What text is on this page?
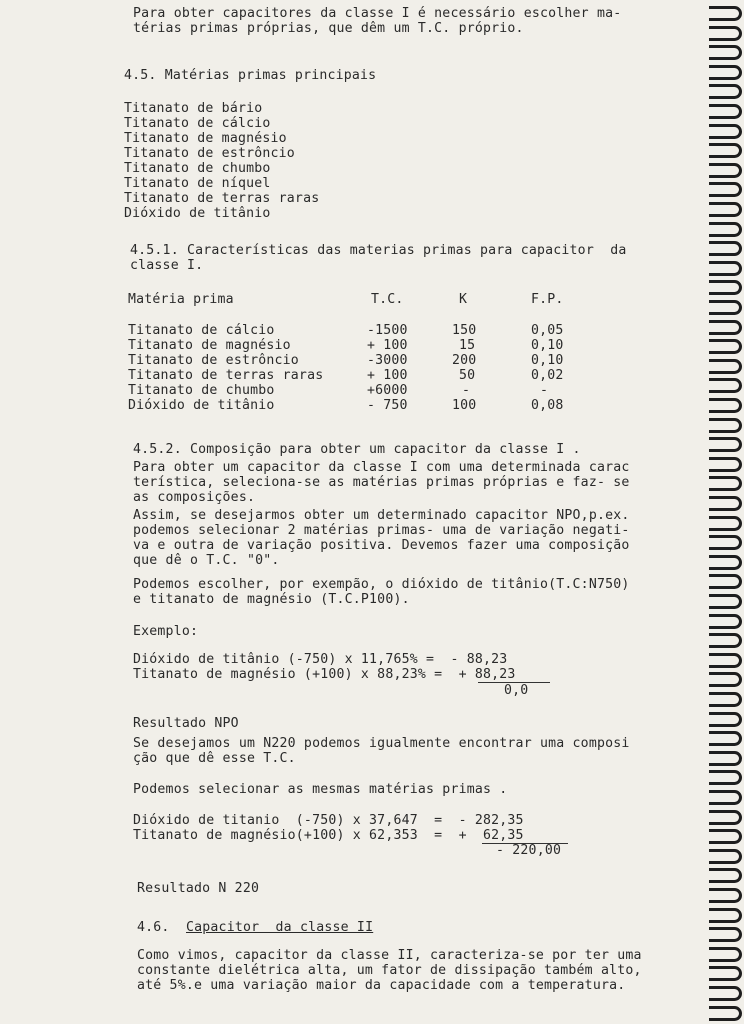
Para obter capacitores da classe I é necessário escolher ma-
térias primas próprias, que dêm um T.C. próprio.
4.5. Matérias primas principais
Titanato de bário
Titanato de cálcio
Titanato de magnésio
Titanato de estrôncio
Titanato de chumbo
Titanato de níquel
Titanato de terras raras
Dióxido de titânio
4.5.1. Características das materias primas para capacitor  da
classe I.
Matéria prima	T.C.	K	F.P.
Titanato de cálcio	-1500	150	0,05
Titanato de magnésio	+ 100	15	0,10
Titanato de estrôncio	-3000	200	0,10
Titanato de terras raras	+ 100	50	0,02
Titanato de chumbo	+6000	-	-
Dióxido de titânio	- 750	100	0,08
4.5.2. Composição para obter um capacitor da classe I .
Para obter um capacitor da classe I com uma determinada carac
terística, seleciona-se as matérias primas próprias e faz- se
as composições.
Assim, se desejarmos obter um determinado capacitor NPO,p.ex.
podemos selecionar 2 matérias primas- uma de variação negati-
va e outra de variação positiva. Devemos fazer uma composição
que dê o T.C. "0".
Podemos escolher, por exempão, o dióxido de titânio(T.C:N750)
e titanato de magnésio (T.C.P100).
Exemplo:
Dióxido de titânio (-750) x 11,765% =  - 88,23
Titanato de magnésio (+100) x 88,23% =  + 88,23
0,0
Resultado NPO
Se desejamos um N220 podemos igualmente encontrar uma composi
ção que dê esse T.C.
Podemos selecionar as mesmas matérias primas .
Dióxido de titanio  (-750) x 37,647  =  - 282,35
Titanato de magnésio(+100) x 62,353  =  +  62,35
- 220,00
Resultado N 220
4.6. Capacitor  da classe II
Como vimos, capacitor da classe II, caracteriza-se por ter uma
constante dielétrica alta, um fator de dissipação também alto,
até 5%.e uma variação maior da capacidade com a temperatura.
